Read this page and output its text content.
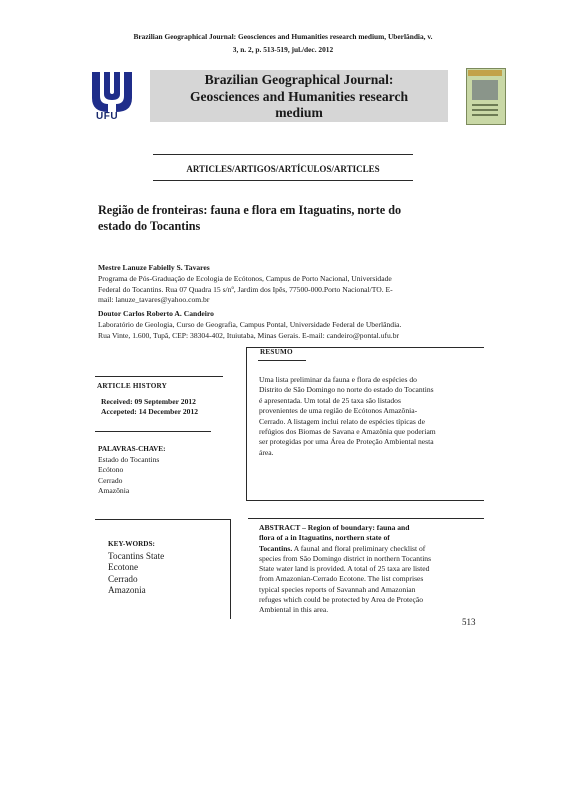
Brazilian Geographical Journal: Geosciences and Humanities research medium, Uberlândia, v.
3, n. 2, p. 513-519, jul./dec. 2012
UFU
Brazilian Geographical Journal:
Geosciences and Humanities research
medium
ARTICLES/ARTIGOS/ARTÍCULOS/ARTICLES
Região de fronteiras: fauna e flora em Itaguatins, norte do
estado do Tocantins
Mestre Lanuze Fabielly S. Tavares
Programa de Pós-Graduação de Ecologia de Ecótonos, Campus de Porto Nacional, Universidade
Federal do Tocantins. Rua 07 Quadra 15 s/nº, Jardim dos Ipês, 77500-000.Porto Nacional/TO. E-
mail: lanuze_tavares@yahoo.com.br
Doutor Carlos Roberto A. Candeiro
Laboratório de Geologia, Curso de Geografia, Campus Pontal, Universidade Federal de Uberlândia.
Rua Vinte, 1.600, Tupã, CEP: 38304-402, Ituiutaba, Minas Gerais. E-mail: candeiro@pontal.ufu.br
ARTICLE HISTORY
Received: 09 September 2012
Accepeted: 14 December 2012
PALAVRAS-CHAVE:
Estado do Tocantins
Ecótono
Cerrado
Amazônia
RESUMO
Uma lista preliminar da fauna e flora de espécies do
Distrito de São Domingo no norte do estado do Tocantins
é apresentada. Um total de 25 taxa são listados
provenientes de uma região de Ecótonos Amazônia-
Cerrado. A listagem inclui relato de espécies típicas de
refúgios dos Biomas de Savana e Amazônia que poderiam
ser protegidas por uma Área de Proteção Ambiental nesta
área.
KEY-WORDS:
Tocantins State
Ecotone
Cerrado
Amazonia
ABSTRACT – Region of boundary: fauna and
flora of a in Itaguatins, northern state of
Tocantins. A faunal and floral preliminary checklist of
species from São Domingo district in northern Tocantins
State water land is provided. A total of 25 taxa are listed
from Amazonian-Cerrado Ecotone. The list comprises
typical species reports of Savannah and Amazonian
refuges which could be protected by Area de Proteção
Ambiental in this area.
513
